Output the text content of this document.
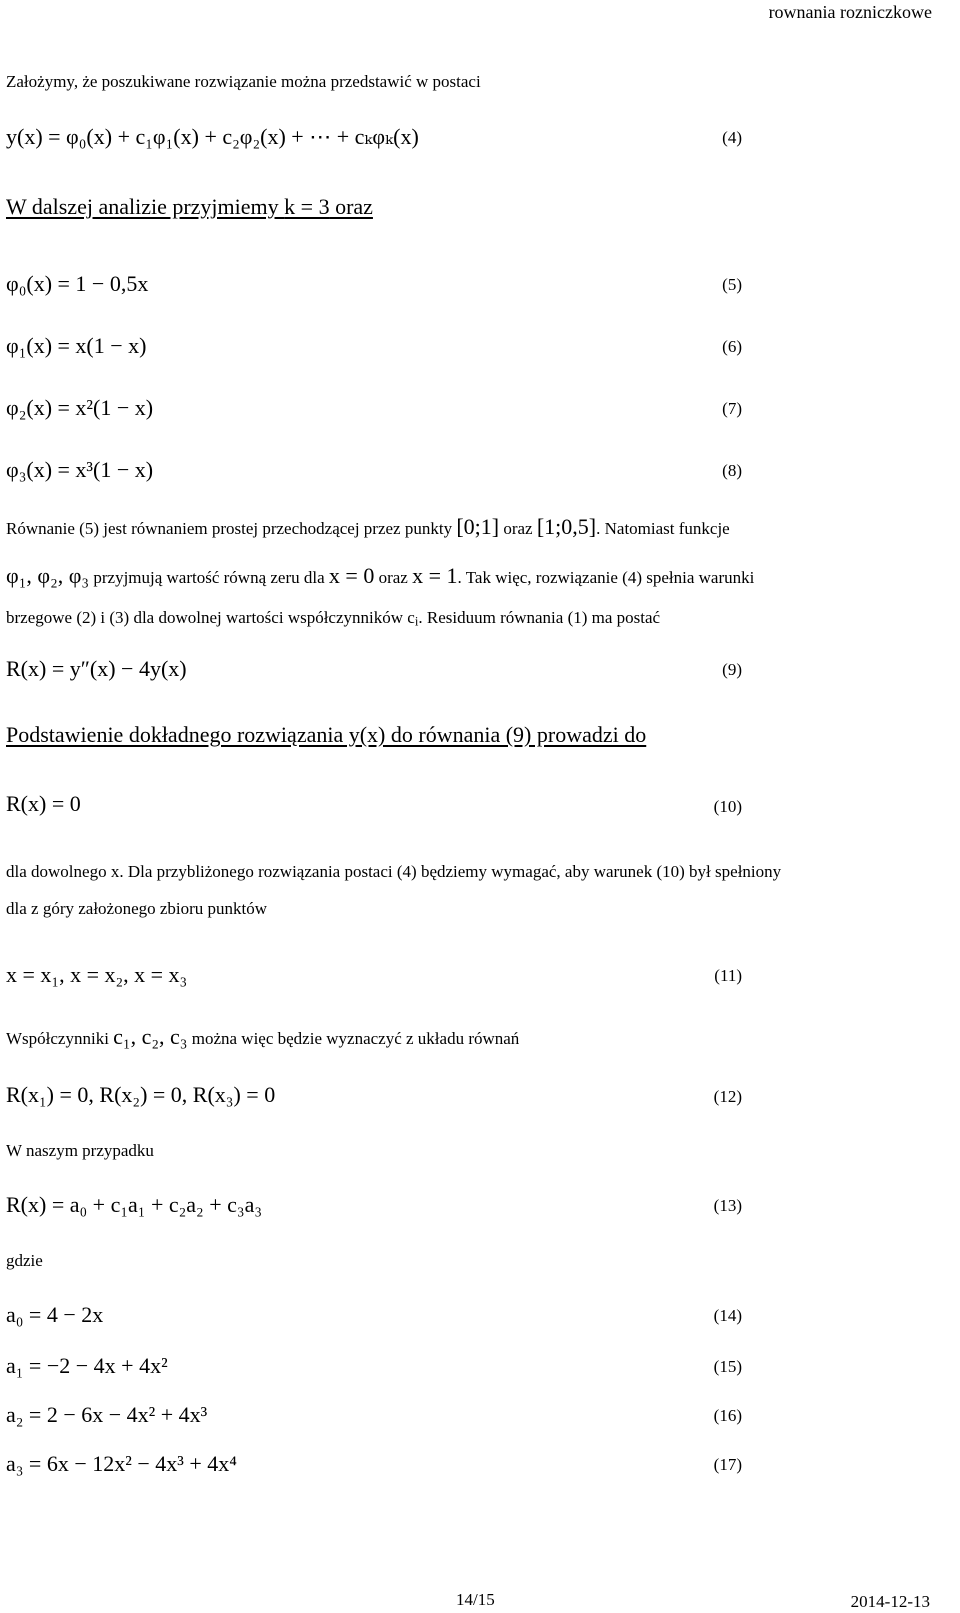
rownania rozniczkowe
Założymy, że poszukiwane rozwiązanie można przedstawić w postaci
y(x) = φ₀(x) + c₁φ₁(x) + c₂φ₂(x) + ⋯ + cₖφₖ(x)	(4)
W dalszej analizie przyjmiemy k = 3 oraz
φ₀(x) = 1 − 0,5x	(5)
φ₁(x) = x(1 − x)	(6)
φ₂(x) = x²(1 − x)	(7)
φ₃(x) = x³(1 − x)	(8)
Równanie (5) jest równaniem prostej przechodzącej przez punkty [0;1] oraz [1;0,5]. Natomiast funkcje
φ₁, φ₂, φ₃ przyjmują wartość równą zeru dla x = 0 oraz x = 1. Tak więc, rozwiązanie (4) spełnia warunki
brzegowe (2) i (3) dla dowolnej wartości współczynników ci. Residuum równania (1) ma postać
R(x) = y″(x) − 4y(x)	(9)
Podstawienie dokładnego rozwiązania y(x) do równania (9) prowadzi do
R(x) = 0	(10)
dla dowolnego x. Dla przybliżonego rozwiązania postaci (4) będziemy wymagać, aby warunek (10) był spełniony
dla z góry założonego zbioru punktów
x = x₁, x = x₂, x = x₃	(11)
Współczynniki c₁, c₂, c₃ można więc będzie wyznaczyć z układu równań
R(x₁) = 0, R(x₂) = 0, R(x₃) = 0	(12)
W naszym przypadku
R(x) = a₀ + c₁a₁ + c₂a₂ + c₃a₃	(13)
gdzie
a₀ = 4 − 2x	(14)
a₁ = −2 − 4x + 4x²	(15)
a₂ = 2 − 6x − 4x² + 4x³	(16)
a₃ = 6x − 12x² − 4x³ + 4x⁴	(17)
2014-12-13
14/15
